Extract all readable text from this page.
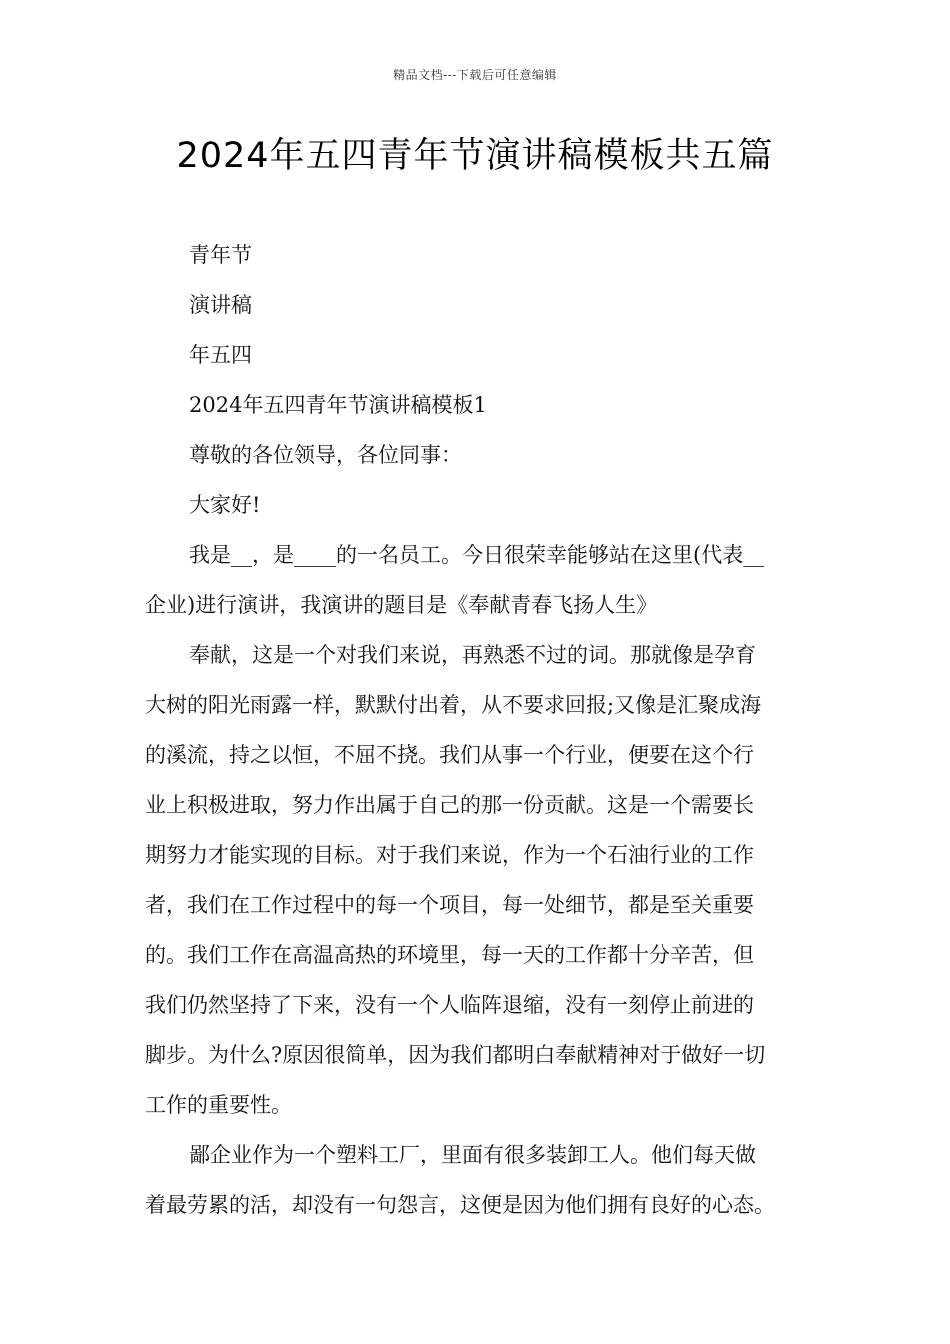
精品文档---下载后可任意编辑
2024年五四青年节演讲稿模板共五篇

青年节

演讲稿

年五四

2024年五四青年节演讲稿模板1

尊敬的各位领导，各位同事：

大家好!

我是__，是____的一名员工。今日很荣幸能够站在这里(代表__

企业)进行演讲，我演讲的题目是《奉献青春飞扬人生》

奉献，这是一个对我们来说，再熟悉不过的词。那就像是孕育

大树的阳光雨露一样，默默付出着，从不要求回报;又像是汇聚成海

的溪流，持之以恒，不屈不挠。我们从事一个行业，便要在这个行

业上积极进取，努力作出属于自己的那一份贡献。这是一个需要长

期努力才能实现的目标。对于我们来说，作为一个石油行业的工作

者，我们在工作过程中的每一个项目，每一处细节，都是至关重要

的。我们工作在高温高热的环境里，每一天的工作都十分辛苦，但

我们仍然坚持了下来，没有一个人临阵退缩，没有一刻停止前进的

脚步。为什么?原因很简单，因为我们都明白奉献精神对于做好一切

工作的重要性。

鄙企业作为一个塑料工厂，里面有很多装卸工人。他们每天做

着最劳累的活，却没有一句怨言，这便是因为他们拥有良好的心态。
